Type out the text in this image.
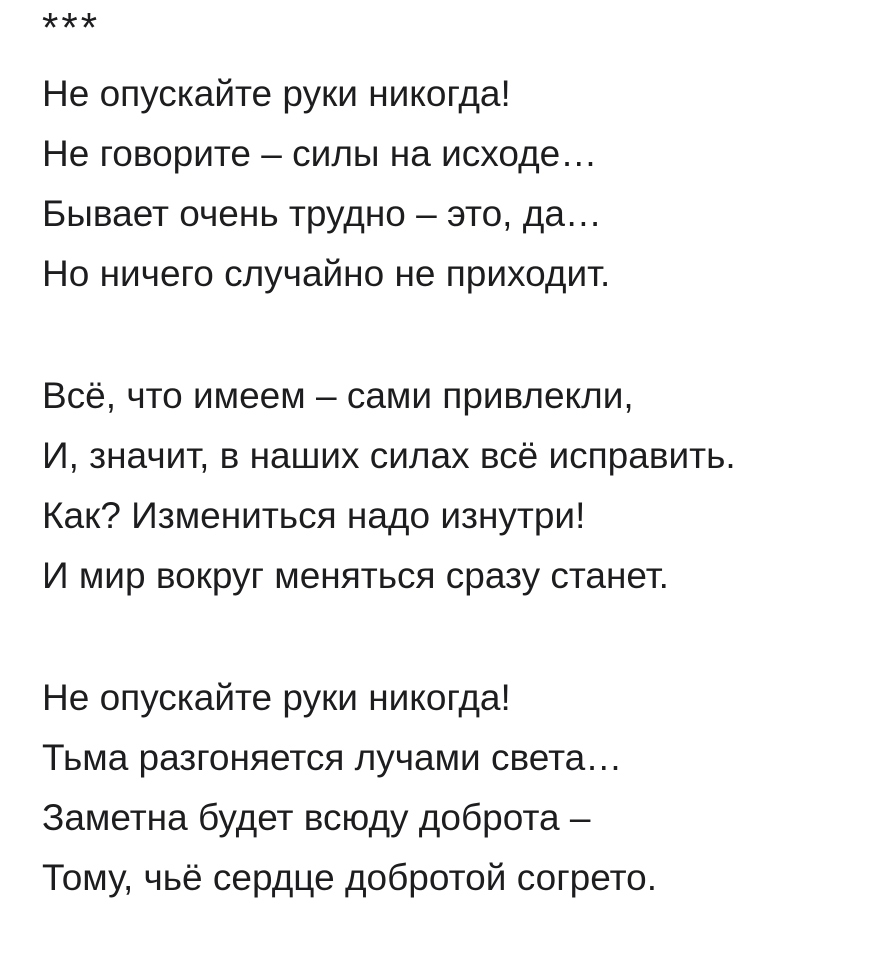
***

Не опускайте руки никогда!

Не говорите – силы на исходе…

Бывает очень трудно – это, да…

Но ничего случайно не приходит.

Всё, что имеем – сами привлекли,

И, значит, в наших силах всё исправить.

Как? Измениться надо изнутри!

И мир вокруг меняться сразу станет.

Не опускайте руки никогда!

Тьма разгоняется лучами света…

Заметна будет всюду доброта –

Тому, чьё сердце добротой согрето.
